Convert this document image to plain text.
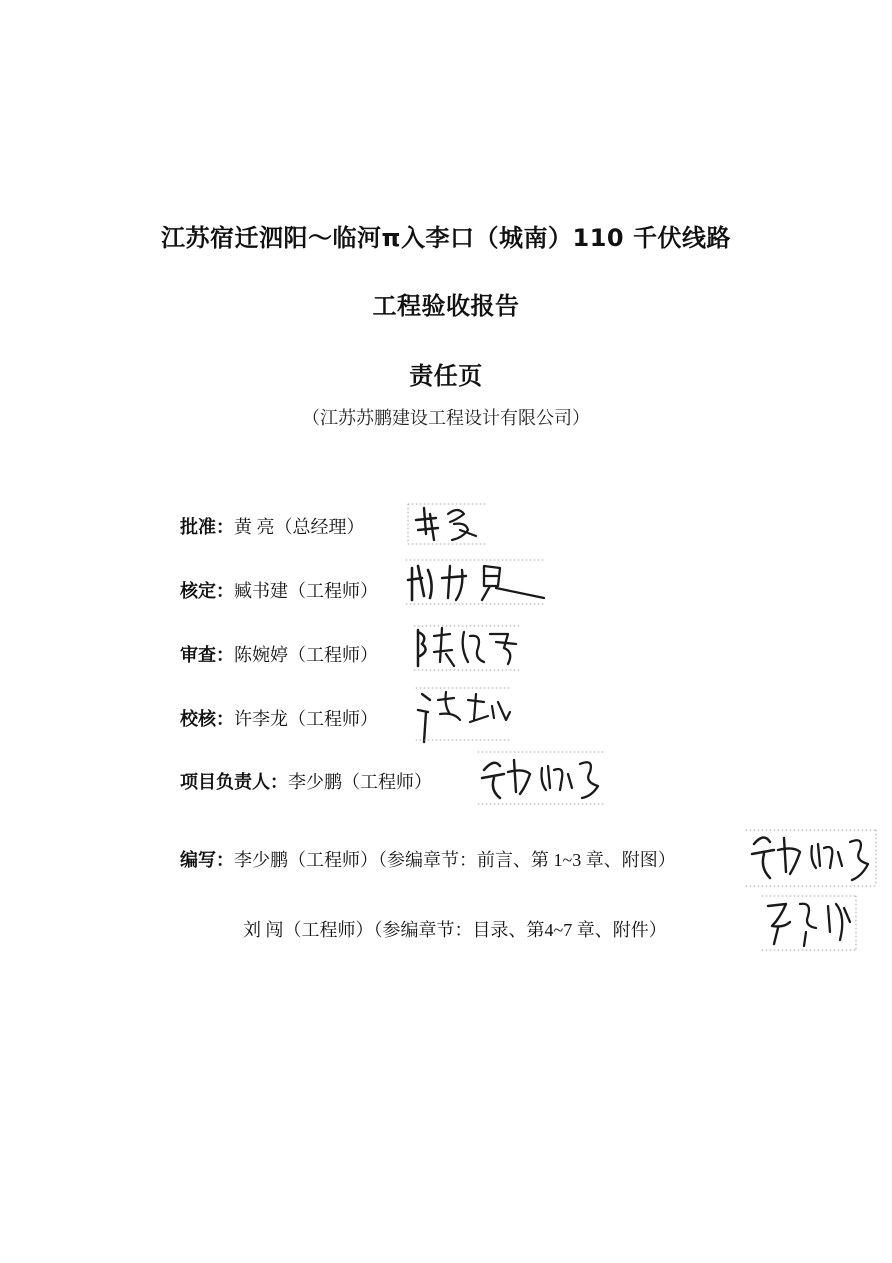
江苏宿迁泗阳～临河π入李口（城南）110 千伏线路
工程验收报告
责任页
（江苏苏鹏建设工程设计有限公司）
批准：黄 亮（总经理）
核定：臧书建（工程师）
审查：陈婉婷（工程师）
校核：许李龙（工程师）
项目负责人：李少鹏（工程师）
编写：李少鹏（工程师）（参编章节：前言、第 1~3 章、附图）
刘 闯（工程师）（参编章节：目录、第4~7 章、附件）
